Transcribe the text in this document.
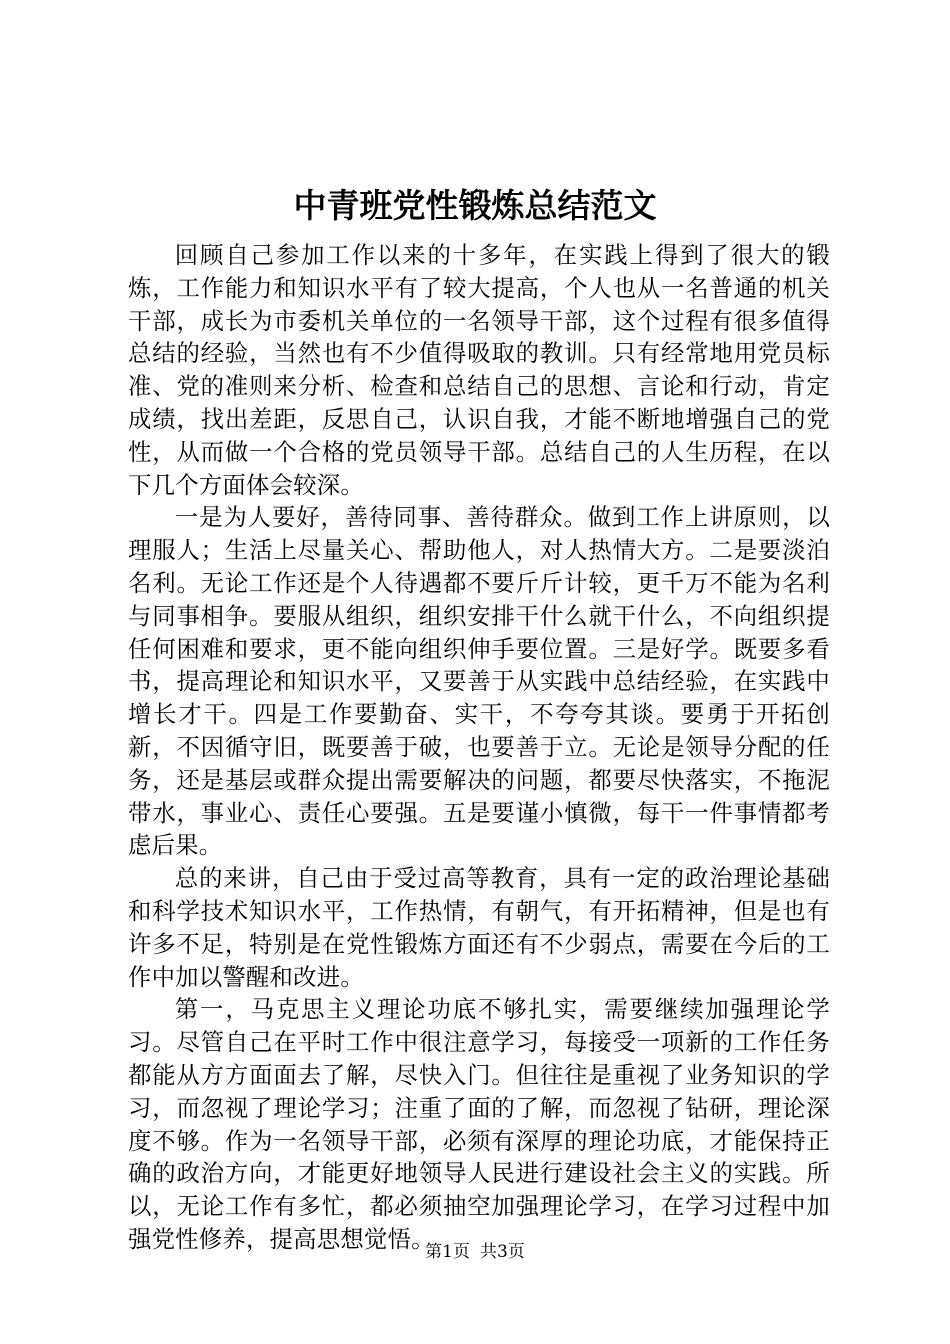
中青班党性锻炼总结范文

回顾自己参加工作以来的十多年，在实践上得到了很大的锻炼，工作能力和知识水平有了较大提高，个人也从一名普通的机关干部，成长为市委机关单位的一名领导干部，这个过程有很多值得总结的经验，当然也有不少值得吸取的教训。只有经常地用党员标准、党的准则来分析、检查和总结自己的思想、言论和行动，肯定成绩，找出差距，反思自己，认识自我，才能不断地增强自己的党性，从而做一个合格的党员领导干部。总结自己的人生历程，在以下几个方面体会较深。

一是为人要好，善待同事、善待群众。做到工作上讲原则，以理服人；生活上尽量关心、帮助他人，对人热情大方。二是要淡泊名利。无论工作还是个人待遇都不要斤斤计较，更千万不能为名利与同事相争。要服从组织，组织安排干什么就干什么，不向组织提任何困难和要求，更不能向组织伸手要位置。三是好学。既要多看书，提高理论和知识水平，又要善于从实践中总结经验，在实践中增长才干。四是工作要勤奋、实干，不夸夸其谈。要勇于开拓创新，不因循守旧，既要善于破，也要善于立。无论是领导分配的任务，还是基层或群众提出需要解决的问题，都要尽快落实，不拖泥带水，事业心、责任心要强。五是要谨小慎微，每干一件事情都考虑后果。

总的来讲，自己由于受过高等教育，具有一定的政治理论基础和科学技术知识水平，工作热情，有朝气，有开拓精神，但是也有许多不足，特别是在党性锻炼方面还有不少弱点，需要在今后的工作中加以警醒和改进。

第一，马克思主义理论功底不够扎实，需要继续加强理论学习。尽管自己在平时工作中很注意学习，每接受一项新的工作任务都能从方方面面去了解，尽快入门。但往往是重视了业务知识的学习，而忽视了理论学习；注重了面的了解，而忽视了钻研，理论深度不够。作为一名领导干部，必须有深厚的理论功底，才能保持正确的政治方向，才能更好地领导人民进行建设社会主义的实践。所以，无论工作有多忙，都必须抽空加强理论学习，在学习过程中加强党性修养，提高思想觉悟。

第1页 共3页
